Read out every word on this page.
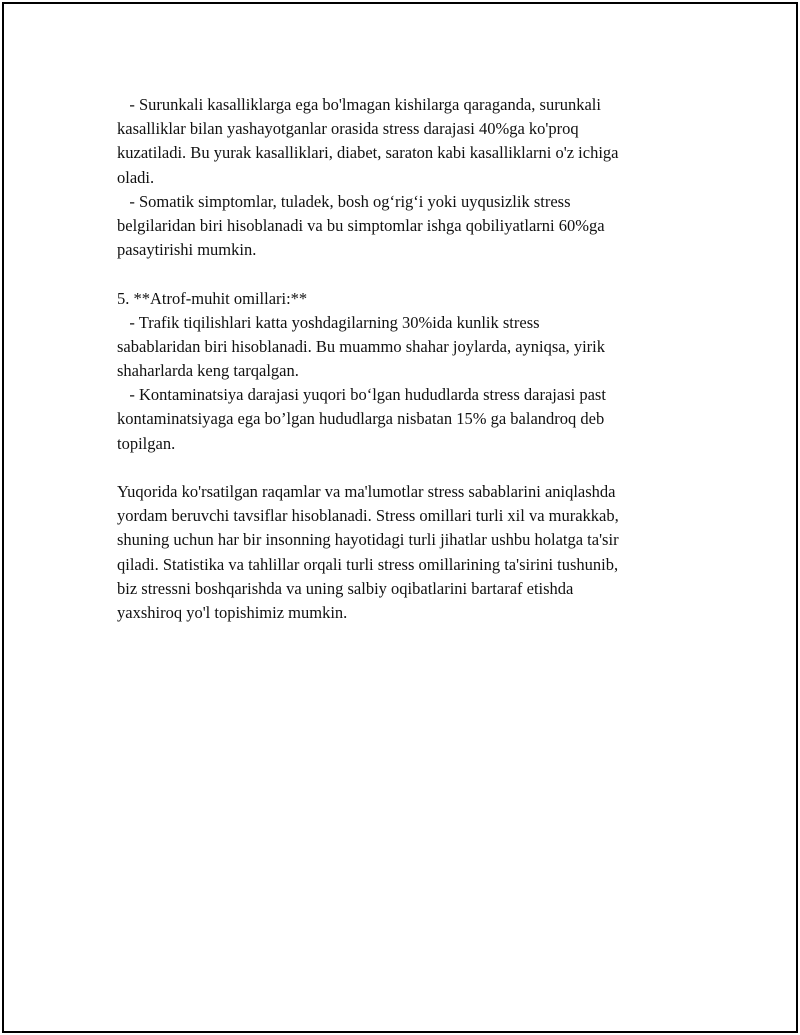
- Surunkali kasalliklarga ega bo'lmagan kishilarga qaraganda, surunkali
kasalliklar bilan yashayotganlar orasida stress darajasi 40%ga ko'proq
kuzatiladi. Bu yurak kasalliklari, diabet, saraton kabi kasalliklarni o'z ichiga
oladi.
- Somatik simptomlar, tuladek, bosh og‘rig‘i yoki uyqusizlik stress
belgilaridan biri hisoblanadi va bu simptomlar ishga qobiliyatlarni 60%ga
pasaytirishi mumkin.
5. **Atrof-muhit omillari:**
- Trafik tiqilishlari katta yoshdagilarning 30%ida kunlik stress
sabablaridan biri hisoblanadi. Bu muammo shahar joylarda, ayniqsa, yirik
shaharlarda keng tarqalgan.
- Kontaminatsiya darajasi yuqori bo‘lgan hududlarda stress darajasi past
kontaminatsiyaga ega bo’lgan hududlarga nisbatan 15% ga balandroq deb
topilgan.
Yuqorida ko'rsatilgan raqamlar va ma'lumotlar stress sabablarini aniqlashda
yordam beruvchi tavsiflar hisoblanadi. Stress omillari turli xil va murakkab,
shuning uchun har bir insonning hayotidagi turli jihatlar ushbu holatga ta'sir
qiladi. Statistika va tahlillar orqali turli stress omillarining ta'sirini tushunib,
biz stressni boshqarishda va uning salbiy oqibatlarini bartaraf etishda
yaxshiroq yo'l topishimiz mumkin.
